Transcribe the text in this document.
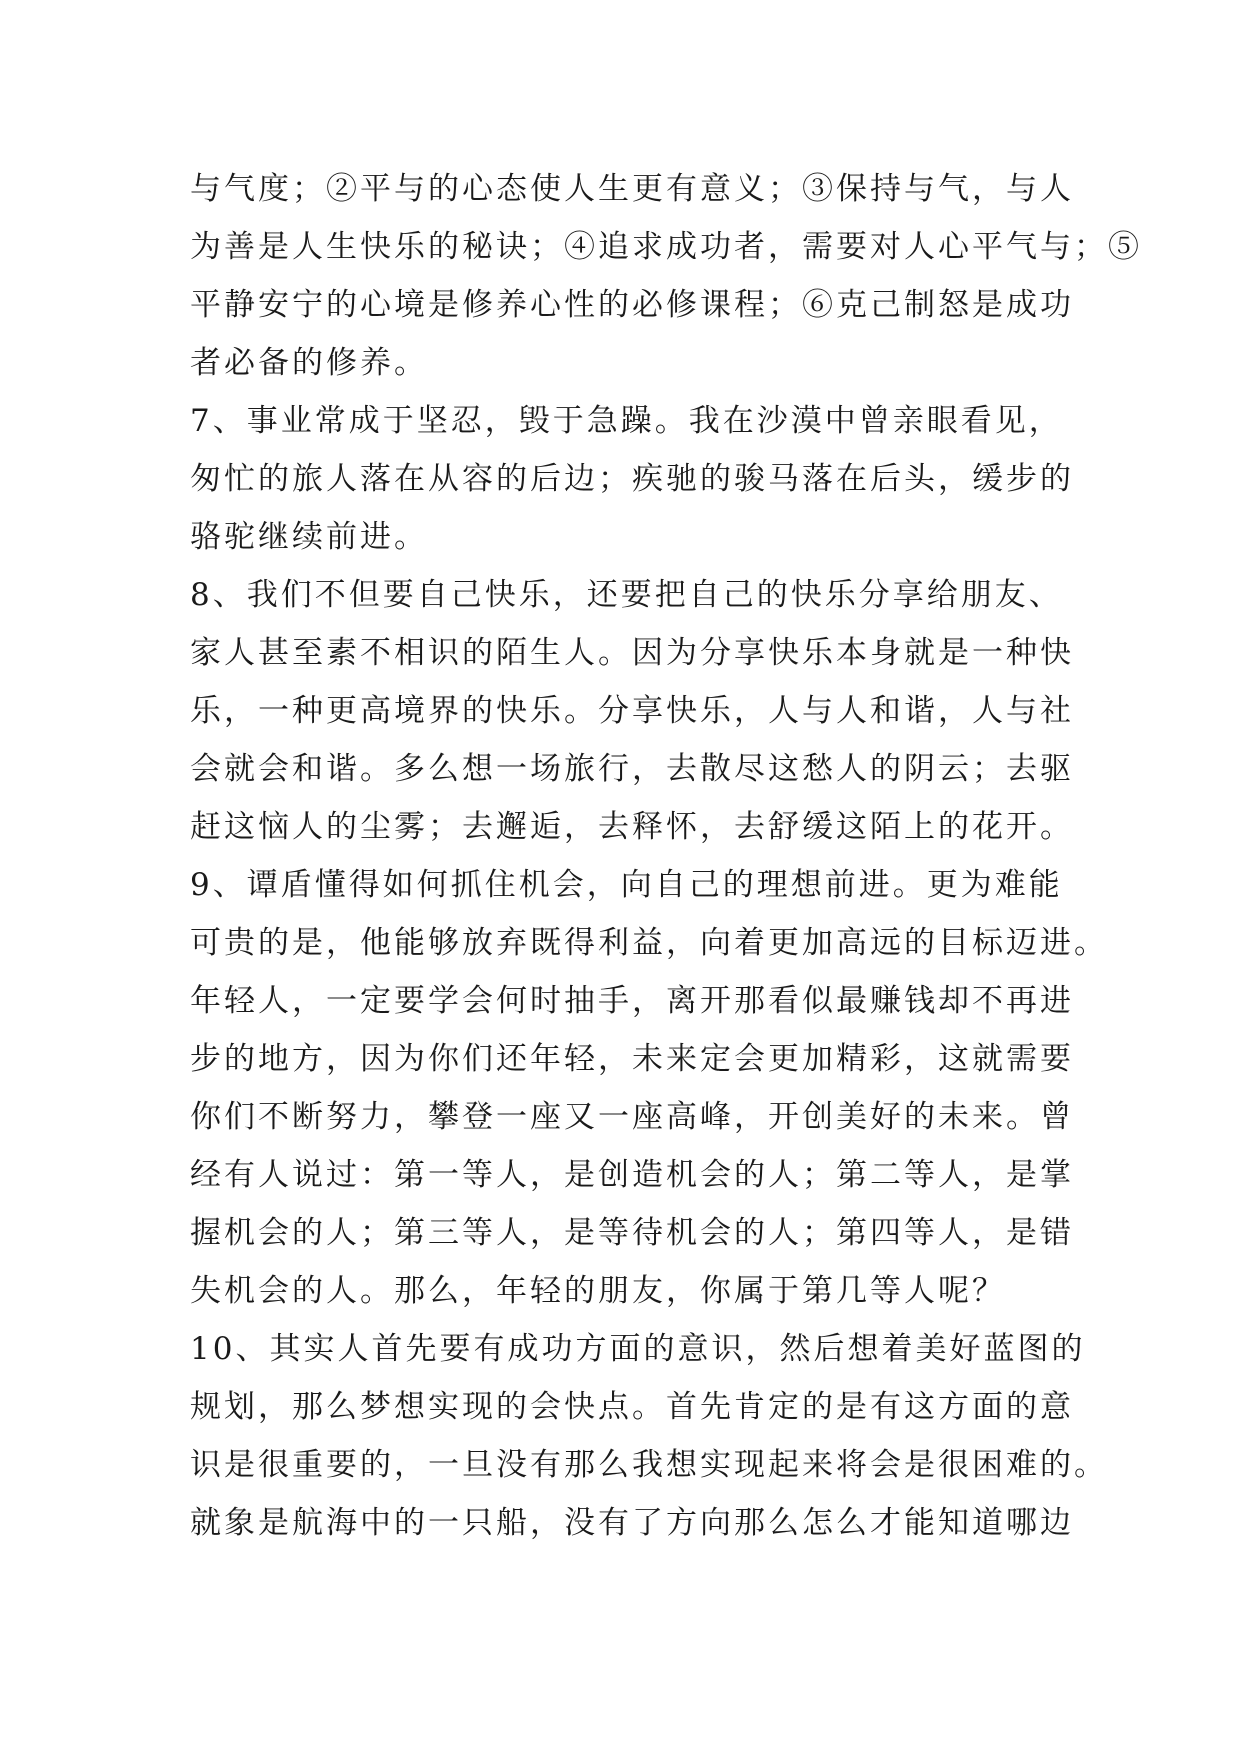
与气度；②平与的心态使人生更有意义；③保持与气，与人
为善是人生快乐的秘诀；④追求成功者，需要对人心平气与；⑤
平静安宁的心境是修养心性的必修课程；⑥克己制怒是成功
者必备的修养。
7、事业常成于坚忍，毁于急躁。我在沙漠中曾亲眼看见，
匆忙的旅人落在从容的后边；疾驰的骏马落在后头，缓步的
骆驼继续前进。
8、我们不但要自己快乐，还要把自己的快乐分享给朋友、
家人甚至素不相识的陌生人。因为分享快乐本身就是一种快
乐，一种更高境界的快乐。分享快乐，人与人和谐，人与社
会就会和谐。多么想一场旅行，去散尽这愁人的阴云；去驱
赶这恼人的尘雾；去邂逅，去释怀，去舒缓这陌上的花开。
9、谭盾懂得如何抓住机会，向自己的理想前进。更为难能
可贵的是，他能够放弃既得利益，向着更加高远的目标迈进。
年轻人，一定要学会何时抽手，离开那看似最赚钱却不再进
步的地方，因为你们还年轻，未来定会更加精彩，这就需要
你们不断努力，攀登一座又一座高峰，开创美好的未来。曾
经有人说过：第一等人，是创造机会的人；第二等人，是掌
握机会的人；第三等人，是等待机会的人；第四等人，是错
失机会的人。那么，年轻的朋友，你属于第几等人呢？
10、其实人首先要有成功方面的意识，然后想着美好蓝图的
规划，那么梦想实现的会快点。首先肯定的是有这方面的意
识是很重要的，一旦没有那么我想实现起来将会是很困难的。
就象是航海中的一只船，没有了方向那么怎么才能知道哪边
